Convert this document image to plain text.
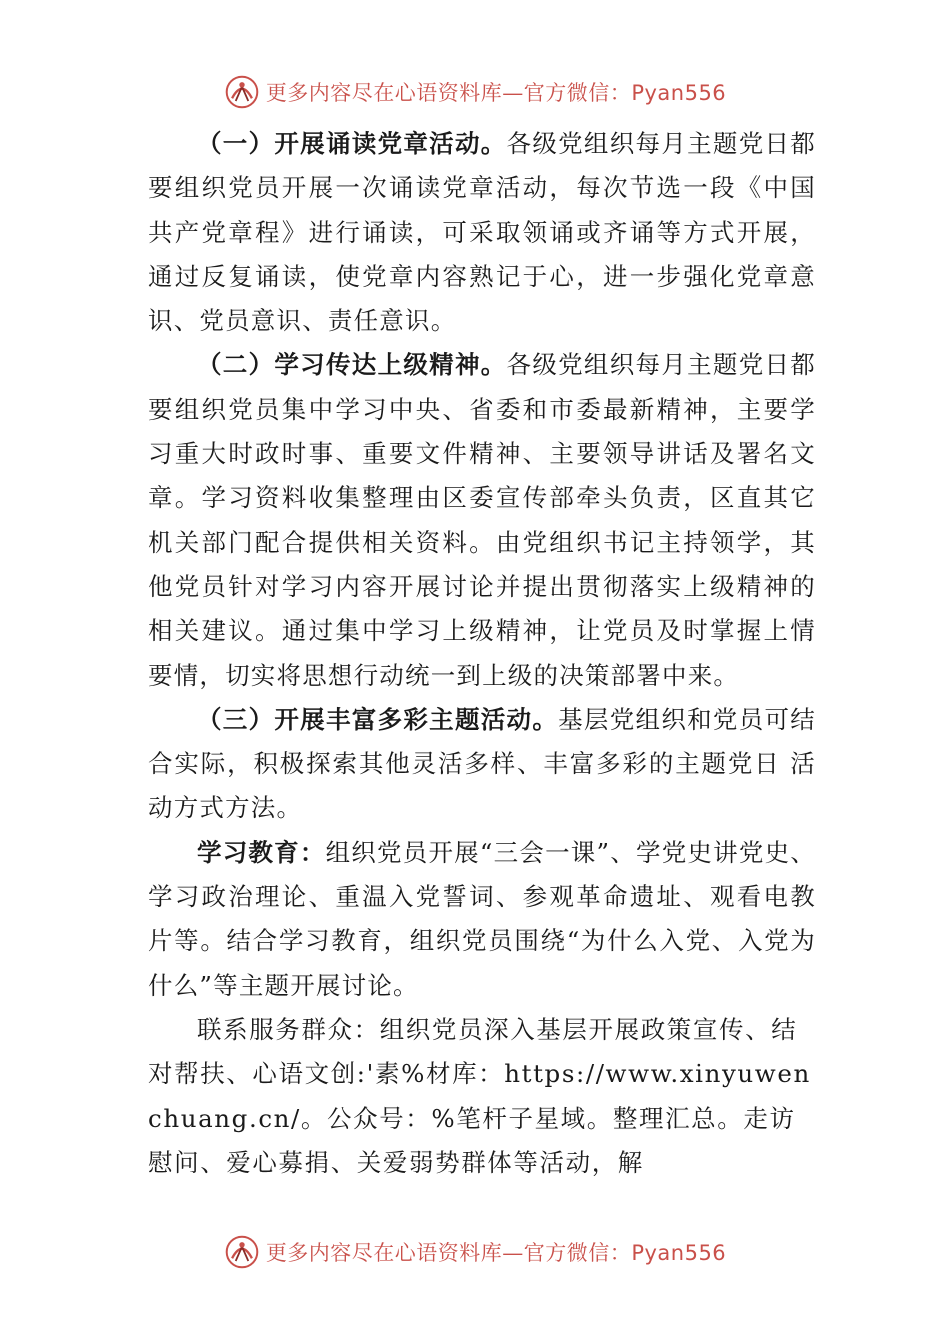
更多内容尽在心语资料库—官方微信：Pyan556

（一）开展诵读党章活动。各级党组织每月主题党日都要组织党员开展一次诵读党章活动，每次节选一段《中国共产党章程》进行诵读，可采取领诵或齐诵等方式开展， 通过反复诵读，使党章内容熟记于心，进一步强化党章意识、党员意识、责任意识。

（二）学习传达上级精神。各级党组织每月主题党日都要组织党员集中学习中央、省委和市委最新精神，主要学习重大时政时事、重要文件精神、主要领导讲话及署名文章。学习资料收集整理由区委宣传部牵头负责，区直其它机关部门配合提供相关资料。由党组织书记主持领学，其他党员针对学习内容开展讨论并提出贯彻落实上级精神的相关建议。通过集中学习上级精神，让党员及时掌握上情要情，切实将思想行动统一到上级的决策部署中来。

（三）开展丰富多彩主题活动。基层党组织和党员可结合实际，积极探索其他灵活多样、丰富多彩的主题党日 活动方式方法。

学习教育：组织党员开展“三会一课”、学党史讲党史、学习政治理论、重温入党誓词、参观革命遗址、观看电教片等。结合学习教育，组织党员围绕“为什么入党、入党为什么”等主题开展讨论。

联系服务群众：组织党员深入基层开展政策宣传、结对帮扶、心语文创:'素%材库：https://www.xinyuwenchuang.cn/。公众号：%笔杆子星域。整理汇总。走访慰问、爱心募捐、关爱弱势群体等活动，解

更多内容尽在心语资料库—官方微信：Pyan556
